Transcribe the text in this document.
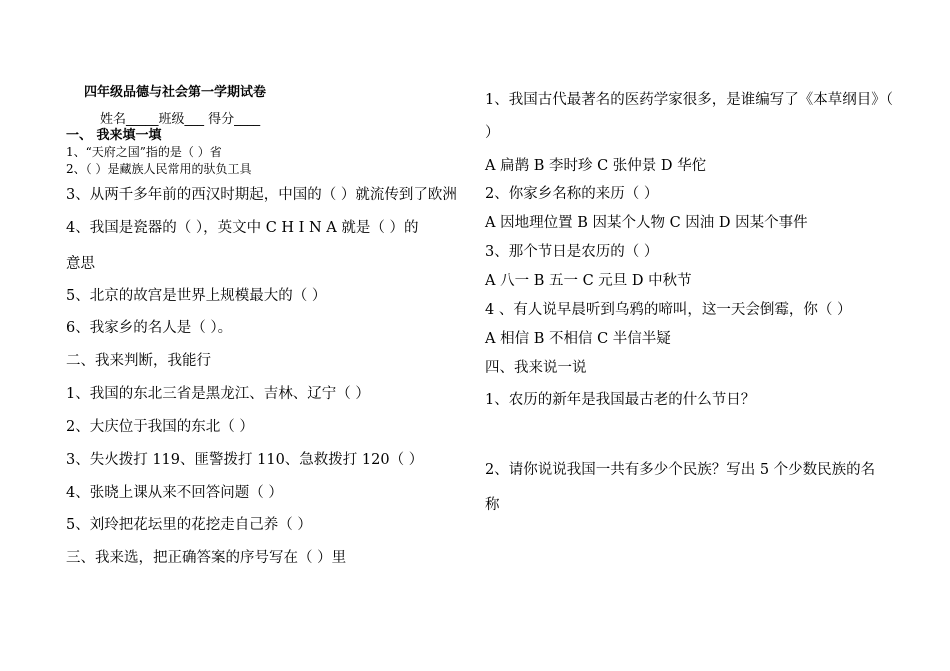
四年级品德与社会第一学期试卷
姓名_____班级___ 得分____
一、 我来填一填
1、“天府之国”指的是（ ）省
2、（ ）是藏族人民常用的驮负工具
3、从两千多年前的西汉时期起，中国的（ ）就流传到了欧洲
4、我国是瓷器的（ ），英文中 C H I N A 就是（ ）的
意思
5、北京的故宫是世界上规模最大的（ ）
6、我家乡的名人是（ ）。
二、我来判断，我能行
1、我国的东北三省是黑龙江、吉林、辽宁（ ）
2、大庆位于我国的东北（ ）
3、失火拨打 119、匪警拨打 110、急救拨打 120（ ）
4、张晓上课从来不回答问题（ ）
5、刘玲把花坛里的花挖走自己养（ ）
三、我来选，把正确答案的序号写在（ ）里
1、我国古代最著名的医药学家很多，是谁编写了《本草纲目》（
）
A 扁鹊 B 李时珍 C 张仲景 D 华佗
2、你家乡名称的来历（ ）
A 因地理位置 B 因某个人物 C 因油 D 因某个事件
3、那个节日是农历的（ ）
A 八一 B 五一 C 元旦 D 中秋节
4 、有人说早晨听到乌鸦的啼叫，这一天会倒霉，你（ ）
A 相信 B 不相信 C 半信半疑
四、我来说一说
1、农历的新年是我国最古老的什么节日？
2、请你说说我国一共有多少个民族？写出 5 个少数民族的名
称
